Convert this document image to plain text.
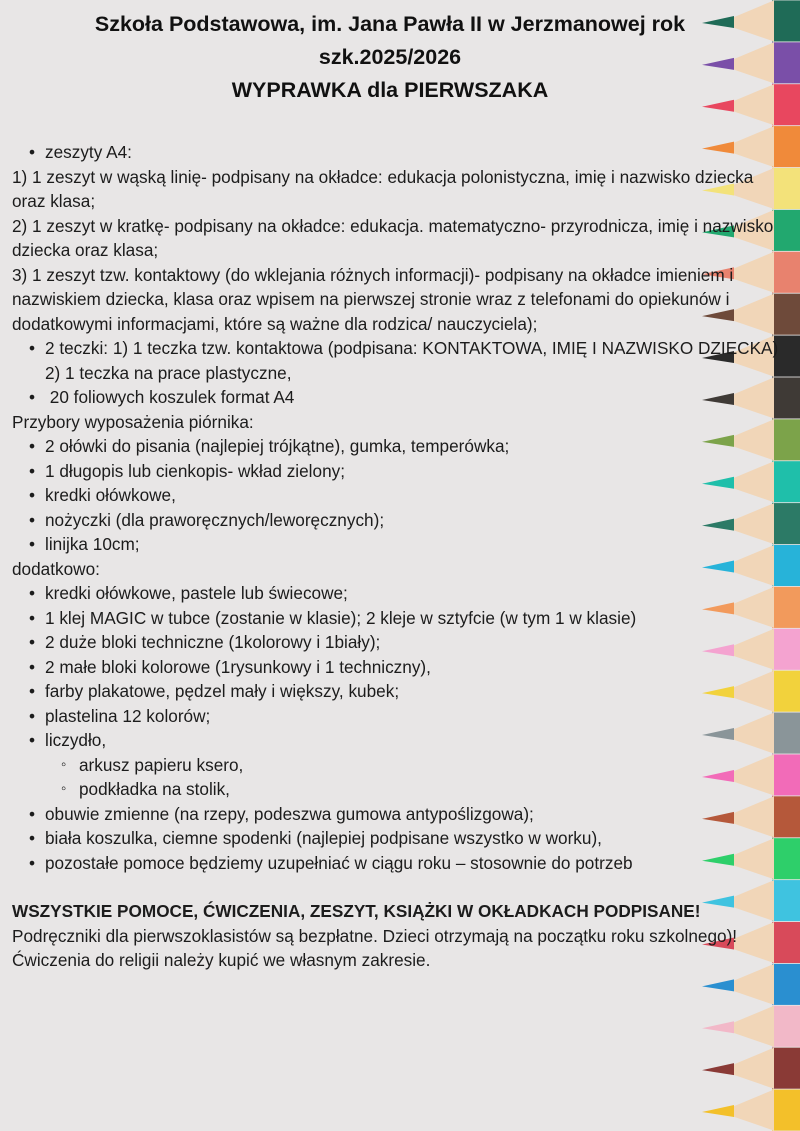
Szkoła Podstawowa, im. Jana Pawła II w Jerzmanowej rok
szk.2025/2026
WYPRAWKA dla PIERWSZAKA
• zeszyty A4:

1) 1 zeszyt w wąską linię- podpisany na okładce: edukacja polonistyczna, imię i nazwisko dziecka oraz klasa;

2) 1 zeszyt w kratkę- podpisany na okładce: edukacja. matematyczno- przyrodnicza, imię i nazwisko dziecka oraz klasa;

3) 1 zeszyt tzw. kontaktowy (do wklejania różnych informacji)- podpisany na okładce imieniem i nazwiskiem dziecka, klasa oraz wpisem na pierwszej stronie wraz z telefonami do opiekunów i dodatkowymi informacjami, które są ważne dla rodzica/ nauczyciela);

• 2 teczki: 1) 1 teczka tzw. kontaktowa (podpisana: KONTAKTOWA, IMIĘ I NAZWISKO DZIECKA) 2) 1 teczka na prace plastyczne,
•  20 foliowych koszulek format A4

Przybory wyposażenia piórnika:

• 2 ołówki do pisania (najlepiej trójkątne), gumka, temperówka;
• 1 długopis lub cienkopis- wkład zielony;
• kredki ołówkowe,
• nożyczki (dla praworęcznych/leworęcznych);
• linijka 10cm;

dodatkowo:

• kredki ołówkowe, pastele lub świecowe;
• 1 klej MAGIC w tubce (zostanie w klasie); 2 kleje w sztyfcie (w tym 1 w klasie)
• 2 duże bloki techniczne (1kolorowy i 1biały);
• 2 małe bloki kolorowe (1rysunkowy i 1 techniczny),
• farby plakatowe, pędzel mały i większy, kubek;
• plastelina 12 kolorów;
• liczydło,
◦ arkusz papieru ksero,
◦ podkładka na stolik,
• obuwie zmienne (na rzepy, podeszwa gumowa antypoślizgowa);
• biała koszulka, ciemne spodenki (najlepiej podpisane wszystko w worku),
• pozostałe pomoce będziemy uzupełniać w ciągu roku – stosownie do potrzeb

WSZYSTKIE POMOCE, ĆWICZENIA, ZESZYT, KSIĄŻKI W OKŁADKACH PODPISANE!

Podręczniki dla pierwszoklasistów są bezpłatne. Dzieci otrzymają na początku roku szkolnego)! Ćwiczenia do religii należy kupić we własnym zakresie.
